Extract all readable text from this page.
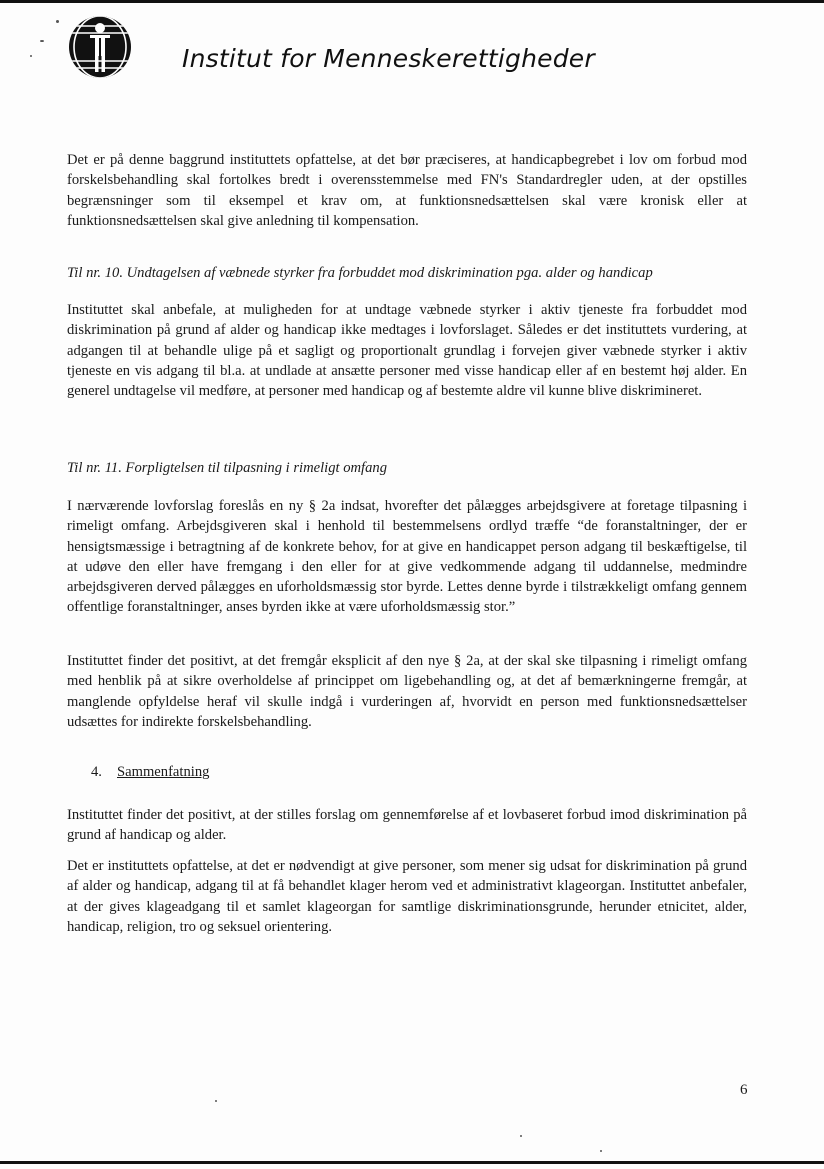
Institut for Menneskerettigheder

Det er på denne baggrund instituttets opfattelse, at det bør præciseres, at handicapbegrebet i lov om forbud mod forskelsbehandling skal fortolkes bredt i overensstemmelse med FN's Standardregler uden, at der opstilles begrænsninger som til eksempel et krav om, at funktionsnedsættelsen skal være kronisk eller at funktionsnedsættelsen skal give anledning til kompensation.

Til nr. 10. Undtagelsen af væbnede styrker fra forbuddet mod diskrimination pga. alder og handicap

Instituttet skal anbefale, at muligheden for at undtage væbnede styrker i aktiv tjeneste fra forbuddet mod diskrimination på grund af alder og handicap ikke medtages i lovforslaget. Således er det instituttets vurdering, at adgangen til at behandle ulige på et sagligt og proportionalt grundlag i forvejen giver væbnede styrker i aktiv tjeneste en vis adgang til bl.a. at undlade at ansætte personer med visse handicap eller af en bestemt høj alder. En generel undtagelse vil medføre, at personer med handicap og af bestemte aldre vil kunne blive diskrimineret.

Til nr. 11. Forpligtelsen til tilpasning i rimeligt omfang

I nærværende lovforslag foreslås en ny § 2a indsat, hvorefter det pålægges arbejdsgivere at foretage tilpasning i rimeligt omfang. Arbejdsgiveren skal i henhold til bestemmelsens ordlyd træffe “de foranstaltninger, der er hensigtsmæssige i betragtning af de konkrete behov, for at give en handicappet person adgang til beskæftigelse, til at udøve den eller have fremgang i den eller for at give vedkommende adgang til uddannelse, medmindre arbejdsgiveren derved pålægges en uforholdsmæssig stor byrde. Lettes denne byrde i tilstrækkeligt omfang gennem offentlige foranstaltninger, anses byrden ikke at være uforholdsmæssig stor.”

Instituttet finder det positivt, at det fremgår eksplicit af den nye § 2a, at der skal ske tilpasning i rimeligt omfang med henblik på at sikre overholdelse af princippet om ligebehandling og, at det af bemærkningerne fremgår, at manglende opfyldelse heraf vil skulle indgå i vurderingen af, hvorvidt en person med funktionsnedsættelser udsættes for indirekte forskelsbehandling.

4. Sammenfatning

Instituttet finder det positivt, at der stilles forslag om gennemførelse af et lovbaseret forbud imod diskrimination på grund af handicap og alder.

Det er instituttets opfattelse, at det er nødvendigt at give personer, som mener sig udsat for diskrimination på grund af alder og handicap, adgang til at få behandlet klager herom ved et administrativt klageorgan. Instituttet anbefaler, at der gives klageadgang til et samlet klageorgan for samtlige diskriminationsgrunde, herunder etnicitet, alder, handicap, religion, tro og seksuel orientering.

6
